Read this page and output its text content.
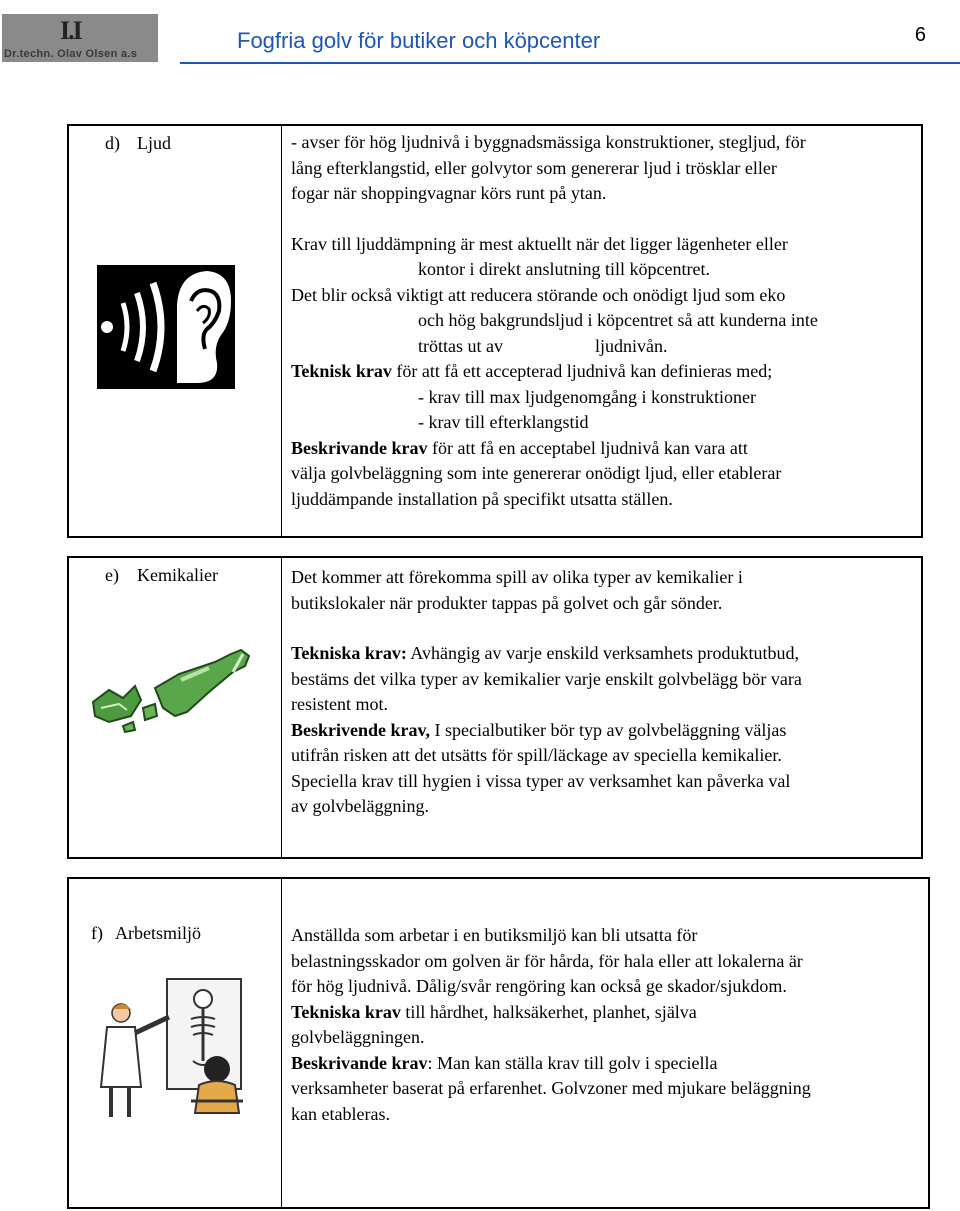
I.I
Dr.techn. Olav Olsen a.s
Fogfria golv för butiker och köpcenter	6
d) Ljud	- avser för hög ljudnivå i byggnadsmässiga konstruktioner, stegljud, för

lång efterklangstid, eller golvytor som genererar ljud i trösklar eller

fogar när shoppingvagnar körs runt på ytan.

Krav till ljuddämpning är mest aktuellt när det ligger lägenheter eller

kontor i direkt anslutning till köpcentret.

Det blir också viktigt att reducera störande och onödigt ljud som eko

och hög bakgrundsljud i köpcentret så att kunderna inte

tröttas ut av	ljudnivån.

Teknisk krav för att få ett accepterad ljudnivå kan definieras med;

- krav till max ljudgenomgång i konstruktioner

- krav till efterklangstid

Beskrivande krav för att få en acceptabel ljudnivå kan vara att

välja golvbeläggning som inte genererar onödigt ljud, eller etablerar

ljuddämpande installation på specifikt utsatta ställen.

e) Kemikalier	Det kommer att förekomma spill av olika typer av kemikalier i

butikslokaler när produkter tappas på golvet och går sönder.

Tekniska krav: Avhängig av varje enskild verksamhets produktutbud,

bestäms det vilka typer av kemikalier varje enskilt golvbelägg bör vara

resistent mot.

Beskrivende krav, I specialbutiker bör typ av golvbeläggning väljas

utifrån risken att det utsätts för spill/läckage av speciella kemikalier.

Speciella krav till hygien i vissa typer av verksamhet kan påverka val

av golvbeläggning.

f) Arbetsmiljö	Anställda som arbetar i en butiksmiljö kan bli utsatta för

belastningsskador om golven är för hårda, för hala eller att lokalerna är

för hög ljudnivå. Dålig/svår rengöring kan också ge skador/sjukdom.

Tekniska krav till hårdhet, halksäkerhet, planhet, själva

golvbeläggningen.

Beskrivande krav: Man kan ställa krav till golv i speciella

verksamheter baserat på erfarenhet. Golvzoner med mjukare beläggning

kan etableras.
